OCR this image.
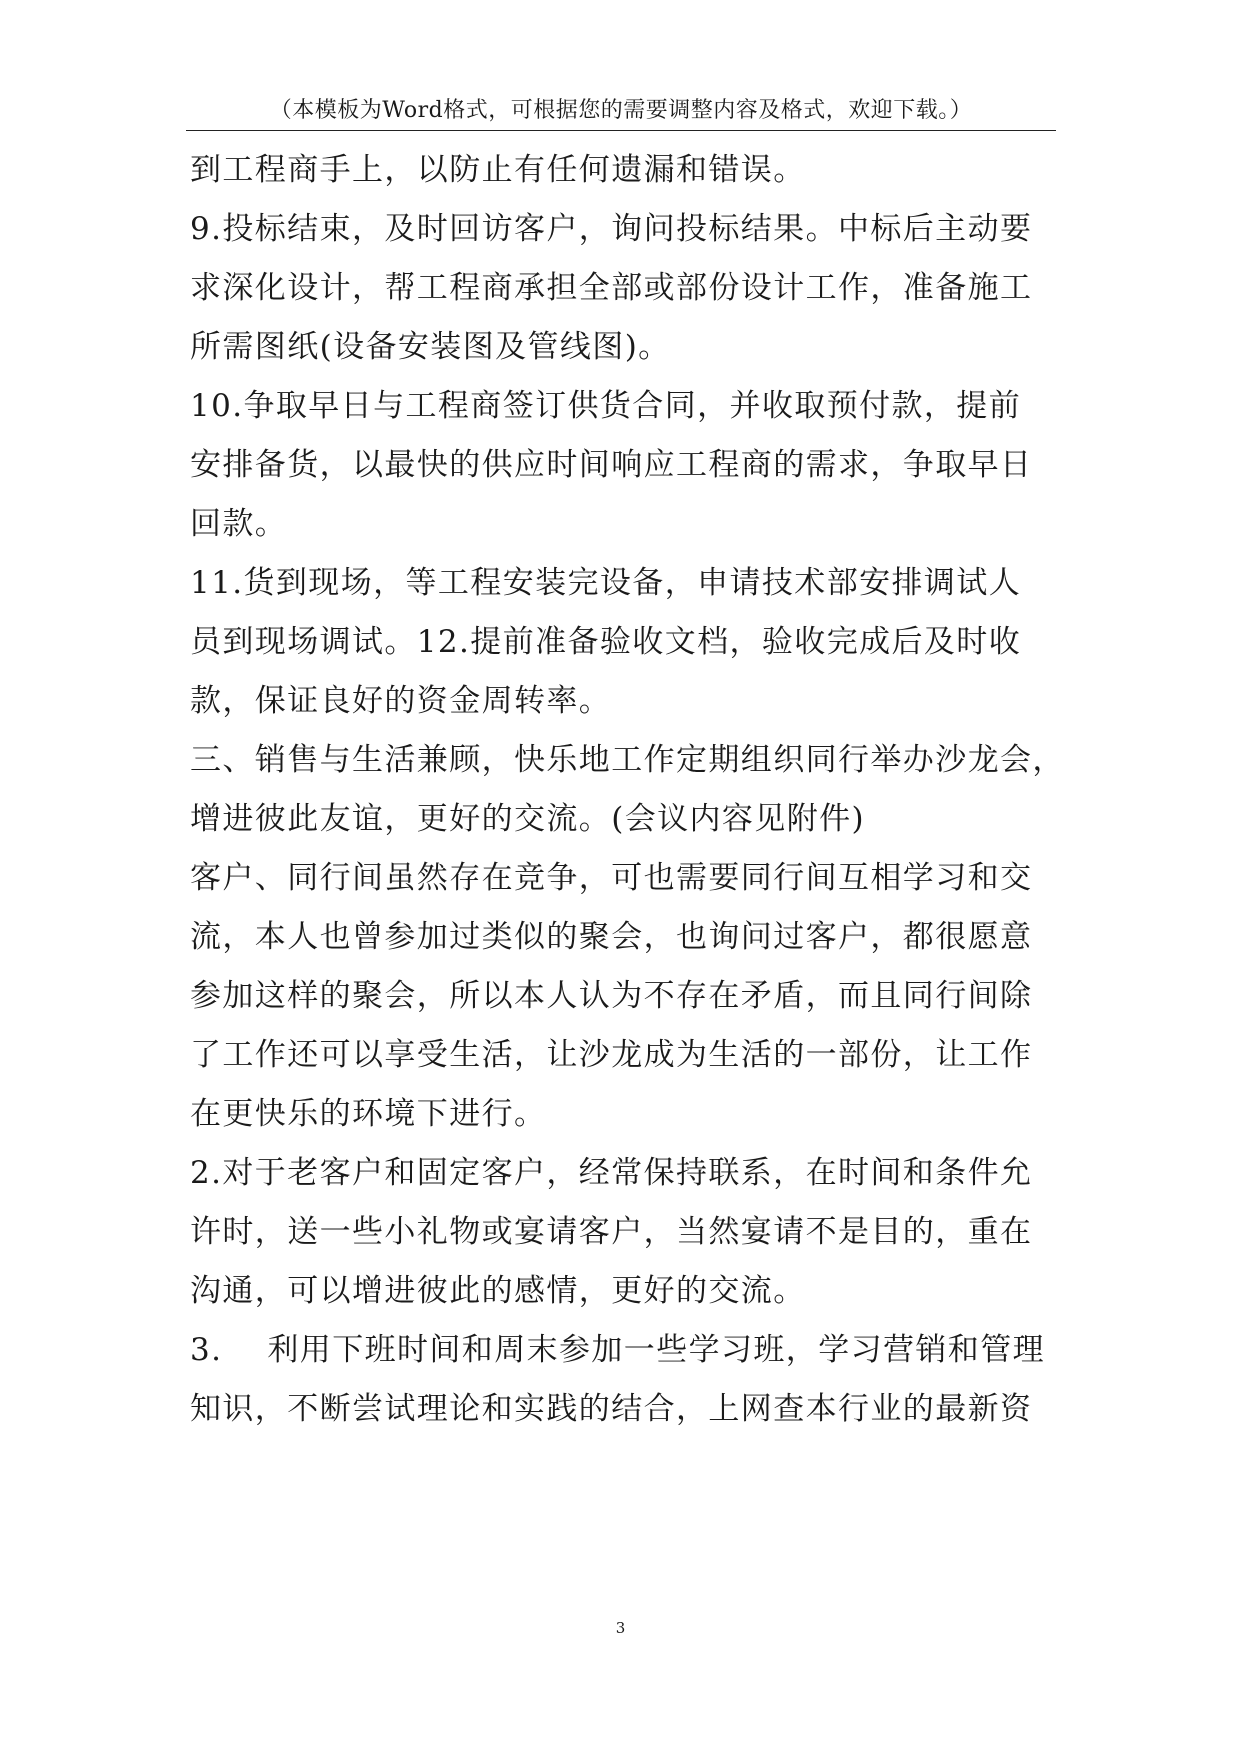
（本模板为Word格式，可根据您的需要调整内容及格式，欢迎下载。）
到工程商手上，以防止有任何遗漏和错误。
9.投标结束，及时回访客户，询问投标结果。中标后主动要
求深化设计，帮工程商承担全部或部份设计工作，准备施工
所需图纸(设备安装图及管线图)。
10.争取早日与工程商签订供货合同，并收取预付款，提前
安排备货，以最快的供应时间响应工程商的需求，争取早日
回款。
11.货到现场，等工程安装完设备，申请技术部安排调试人
员到现场调试。12.提前准备验收文档，验收完成后及时收
款，保证良好的资金周转率。
三、销售与生活兼顾，快乐地工作定期组织同行举办沙龙会，
增进彼此友谊，更好的交流。(会议内容见附件)
客户、同行间虽然存在竞争，可也需要同行间互相学习和交
流，本人也曾参加过类似的聚会，也询问过客户，都很愿意
参加这样的聚会，所以本人认为不存在矛盾，而且同行间除
了工作还可以享受生活，让沙龙成为生活的一部份，让工作
在更快乐的环境下进行。
2.对于老客户和固定客户，经常保持联系，在时间和条件允
许时，送一些小礼物或宴请客户，当然宴请不是目的，重在
沟通，可以增进彼此的感情，更好的交流。
3.    利用下班时间和周末参加一些学习班，学习营销和管理
知识，不断尝试理论和实践的结合，上网查本行业的最新资
3
